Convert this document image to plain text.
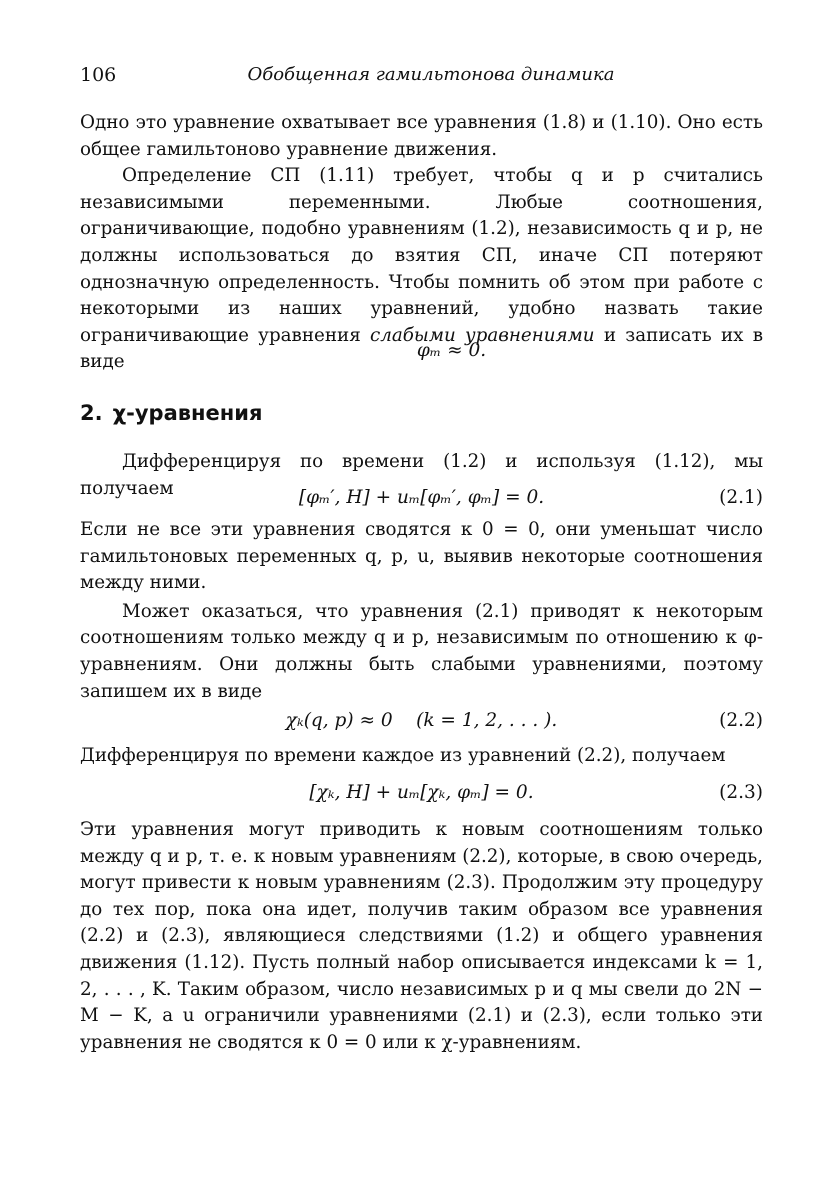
106	Обобщенная гамильтонова динамика

Одно это уравнение охватывает все уравнения (1.8) и (1.10). Оно есть общее гамильтоново уравнение движения.

Определение СП (1.11) требует, чтобы q и p считались независимыми переменными. Любые соотношения, ограничивающие, подобно уравнениям (1.2), независимость q и p, не должны использоваться до взятия СП, иначе СП потеряют однозначную определенность. Чтобы помнить об этом при работе с некоторыми из наших уравнений, удобно назвать такие ограничивающие уравнения слабыми уравнениями и записать их в виде

φₘ ≈ 0.
2. χ-уравнения

Дифференцируя по времени (1.2) и используя (1.12), мы получаем	[φₘ′, H] + uₘ[φₘ′, φₘ] = 0.	(2.1)

Если не все эти уравнения сводятся к 0 = 0, они уменьшат число гамильтоновых переменных q, p, u, выявив некоторые соотношения между ними.

Может оказаться, что уравнения (2.1) приводят к некоторым соотношениям только между q и p, независимым по отношению к φ-уравнениям. Они должны быть слабыми уравнениями, поэтому запишем их в виде

χₖ(q, p) ≈ 0    (k = 1, 2, . . . ).	(2.2)

Дифференцируя по времени каждое из уравнений (2.2), получаем

[χₖ, H] + uₘ[χₖ, φₘ] = 0.	(2.3)

Эти уравнения могут приводить к новым соотношениям только между q и p, т. е. к новым уравнениям (2.2), которые, в свою очередь, могут привести к новым уравнениям (2.3). Продолжим эту процедуру до тех пор, пока она идет, получив таким образом все уравнения (2.2) и (2.3), являющиеся следствиями (1.2) и общего уравнения движения (1.12). Пусть полный набор описывается индексами k = 1, 2, . . . , K. Таким образом, число независимых p и q мы свели до 2N − M − K, а u ограничили уравнениями (2.1) и (2.3), если только эти уравнения не сводятся к 0 = 0 или к χ-уравнениям.
